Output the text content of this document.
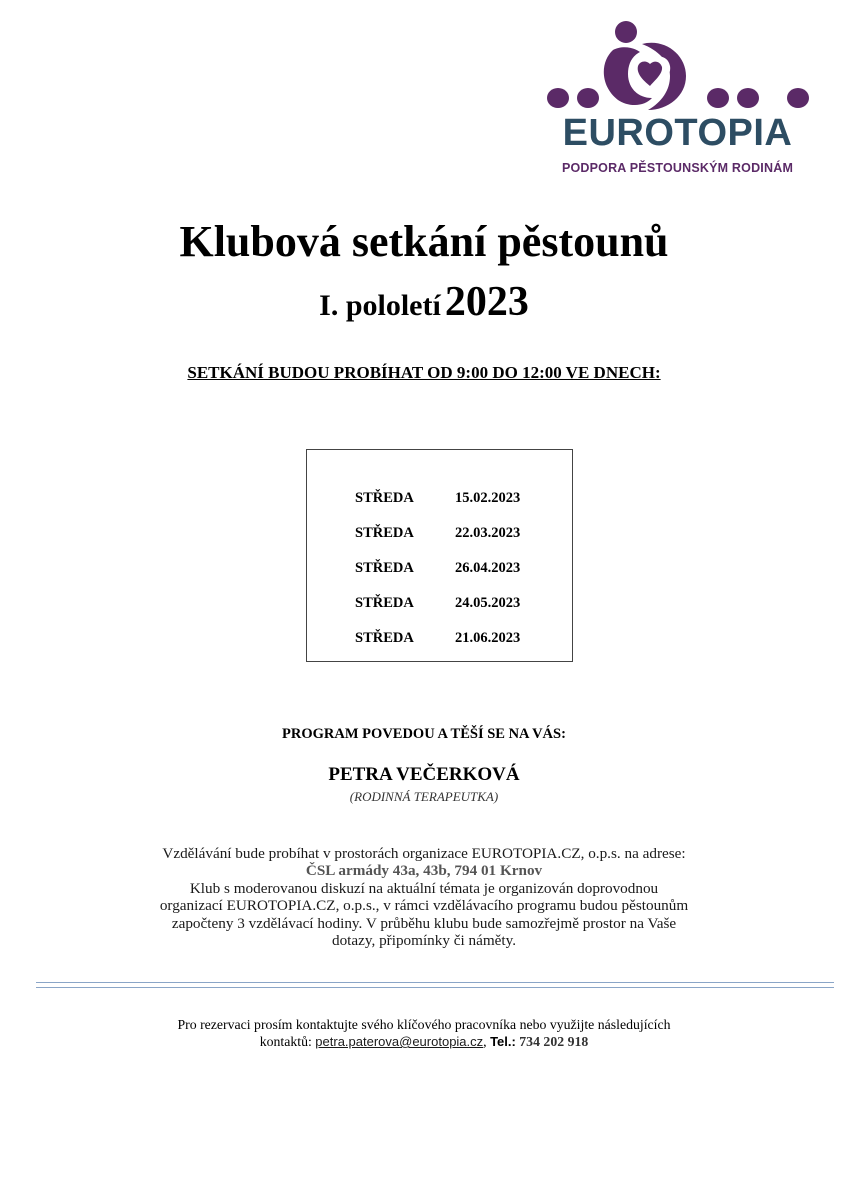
EUROTOPIA
PODPORA PĚSTOUNSKÝM RODINÁM
Klubová setkání pěstounů
I. pololetí 2023
SETKÁNÍ BUDOU PROBÍHAT OD 9:00 DO 12:00 VE DNECH:
STŘEDA	15.02.2023
STŘEDA	22.03.2023
STŘEDA	26.04.2023
STŘEDA	24.05.2023
STŘEDA	21.06.2023
PROGRAM POVEDOU A TĚŠÍ SE NA VÁS:
PETRA VEČERKOVÁ
(RODINNÁ TERAPEUTKA)
Vzdělávání bude probíhat v prostorách organizace EUROTOPIA.CZ, o.p.s. na adrese:
ČSL armády 43a, 43b, 794 01 Krnov
Klub s moderovanou diskuzí na aktuální témata je organizován doprovodnou
organizací EUROTOPIA.CZ, o.p.s., v rámci vzdělávacího programu budou pěstounům
započteny 3 vzdělávací hodiny. V průběhu klubu bude samozřejmě prostor na Vaše
dotazy, připomínky či náměty.
Pro rezervaci prosím kontaktujte svého klíčového pracovníka nebo využijte následujících
kontaktů: petra.paterova@eurotopia.cz, Tel.: 734 202 918
